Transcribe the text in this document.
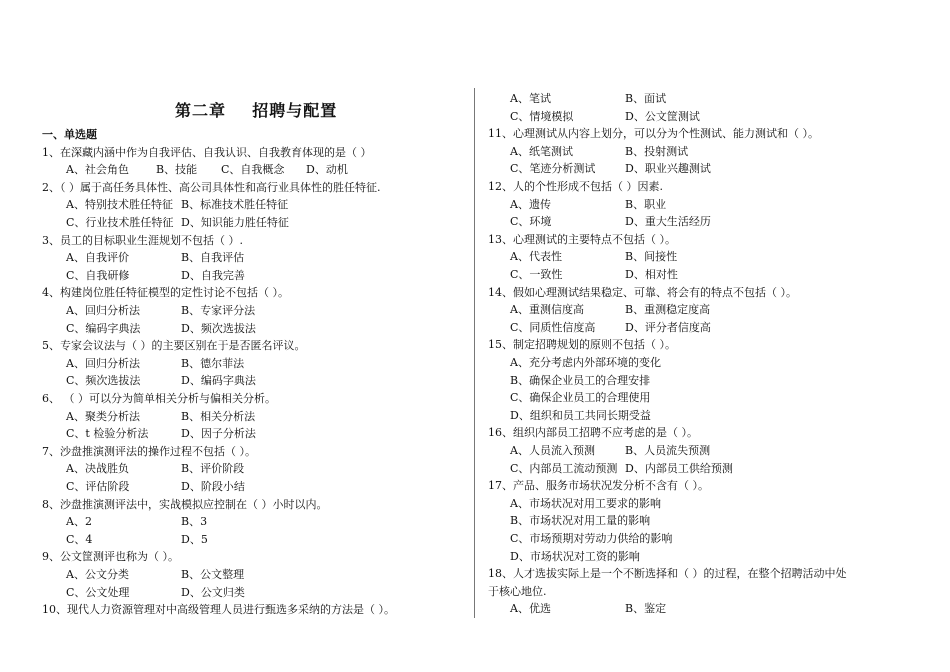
第二章    招聘与配置
一、单选题
1、在深藏内涵中作为自我评估、自我认识、自我教育体现的是（ ）
A、社会角色 B、技能 C、自我概念 D、动机
2、（ ）属于高任务具体性、高公司具体性和高行业具体性的胜任特征.
A、特别技术胜任特征 B、标准技术胜任特征
C、行业技术胜任特征 D、知识能力胜任特征
3、员工的目标职业生涯规划不包括（ ）.
A、自我评价	B、自我评估
C、自我研修	D、自我完善
4、构建岗位胜任特征模型的定性讨论不包括（ ）。
A、回归分析法	B、专家评分法
C、编码字典法	D、频次选拔法
5、专家会议法与（ ）的主要区别在于是否匿名评议。
A、回归分析法	B、德尔菲法
C、频次选拔法	D、编码字典法
6、 （ ）可以分为简单相关分析与偏相关分析。
A、聚类分析法	B、相关分析法
C、t 检验分析法	D、因子分析法
7、沙盘推演测评法的操作过程不包括（ ）。
A、决战胜负	B、评价阶段
C、评估阶段	D、阶段小结
8、沙盘推演测评法中，实战模拟应控制在（ ）小时以内。
A、2	B、3
C、4	D、5
9、公文筐测评也称为（ ）。
A、公文分类	B、公文整理
C、公文处理	D、公文归类
10、现代人力资源管理对中高级管理人员进行甄选多采纳的方法是（ ）。
A、笔试	B、面试
C、情境模拟	D、公文筐测试
11、心理测试从内容上划分，可以分为个性测试、能力测试和（ ）。
A、纸笔测试	B、投射测试
C、笔迹分析测试	D、职业兴趣测试
12、人的个性形成不包括（ ）因素.
A、遗传	B、职业
C、环境	D、重大生活经历
13、心理测试的主要特点不包括（ ）。
A、代表性	B、间接性
C、一致性	D、相对性
14、假如心理测试结果稳定、可靠、将会有的特点不包括（ ）。
A、重测信度高	B、重测稳定度高
C、同质性信度高	D、评分者信度高
15、制定招聘规划的原则不包括（ ）。
A、充分考虑内外部环境的变化
B、确保企业员工的合理安排
C、确保企业员工的合理使用
D、组织和员工共同长期受益
16、组织内部员工招聘不应考虑的是（ ）。
A、人员流入预测	B、人员流失预测
C、内部员工流动预测 D、内部员工供给预测
17、产品、服务市场状况发分析不含有（ ）。
A、市场状况对用工要求的影响
B、市场状况对用工量的影响
C、市场预期对劳动力供给的影响
D、市场状况对工资的影响
18、人才选拔实际上是一个不断选择和（ ）的过程，在整个招聘活动中处
于核心地位.
A、优选	B、鉴定
